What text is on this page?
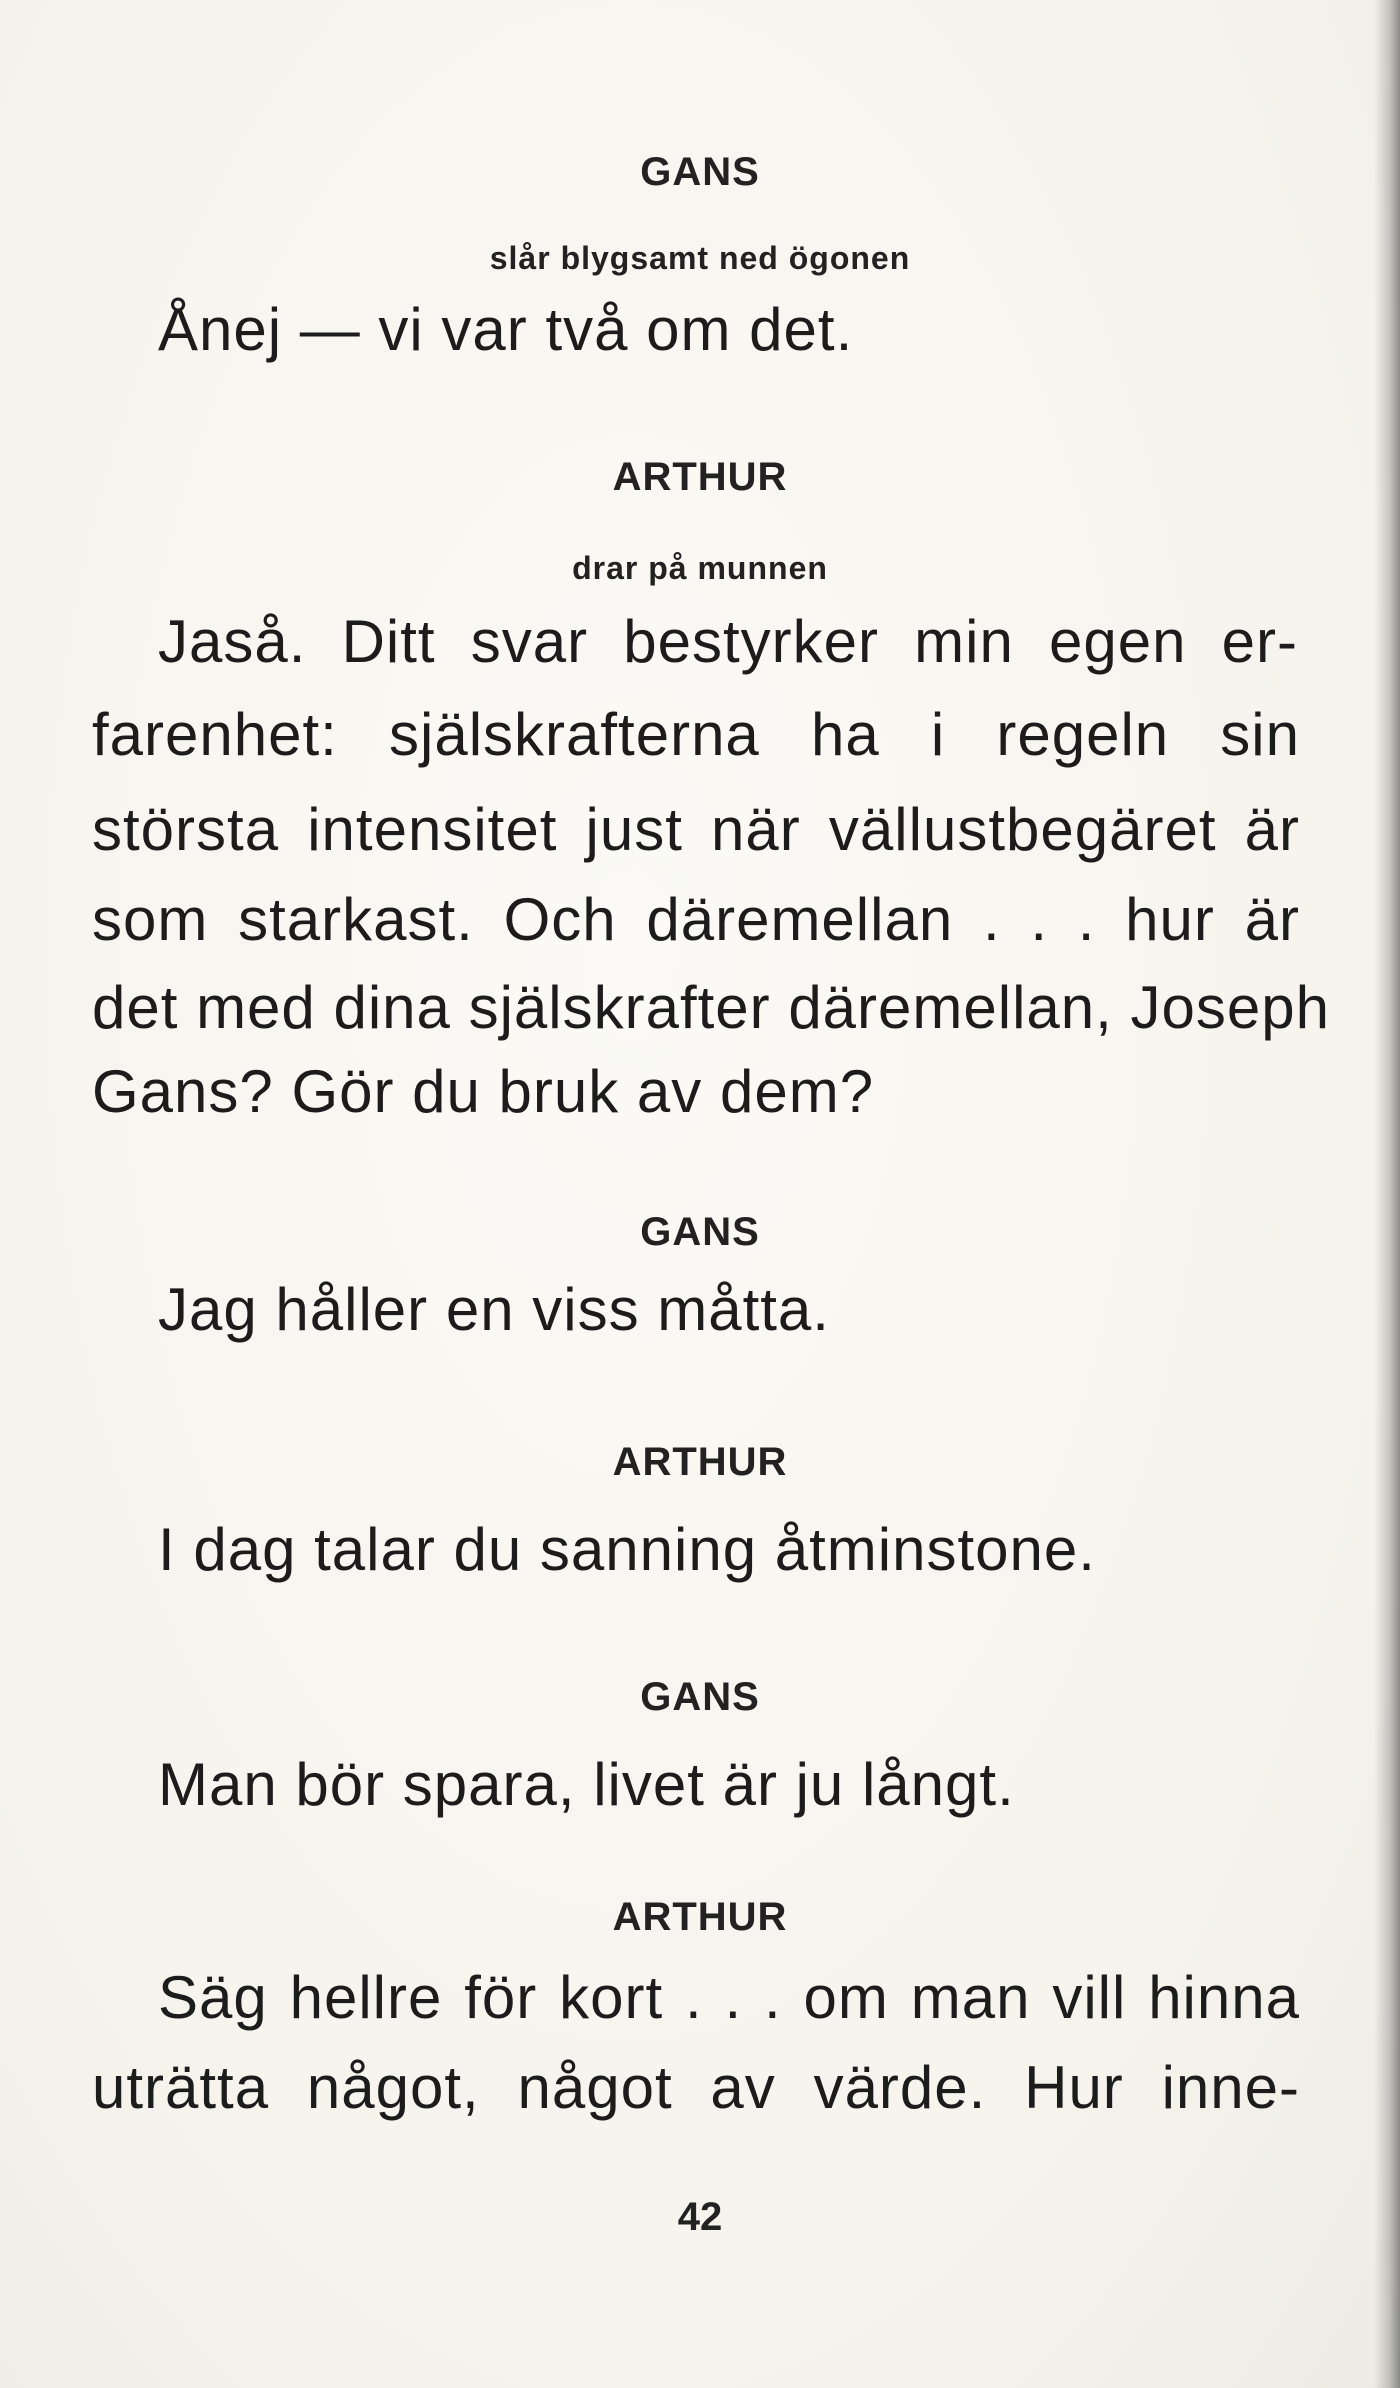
GANS
slår blygsamt ned ögonen
Ånej — vi var två om det.
ARTHUR
drar på munnen
Jaså. Ditt svar bestyrker min egen er-
farenhet: själskrafterna ha i regeln sin
största intensitet just när vällustbegäret är
som starkast. Och däremellan . . . hur är
det med dina själskrafter däremellan, Joseph
Gans? Gör du bruk av dem?
GANS
Jag håller en viss måtta.
ARTHUR
I dag talar du sanning åtminstone.
GANS
Man bör spara, livet är ju långt.
ARTHUR
Säg hellre för kort . . . om man vill hinna
uträtta något, något av värde. Hur inne-
42
